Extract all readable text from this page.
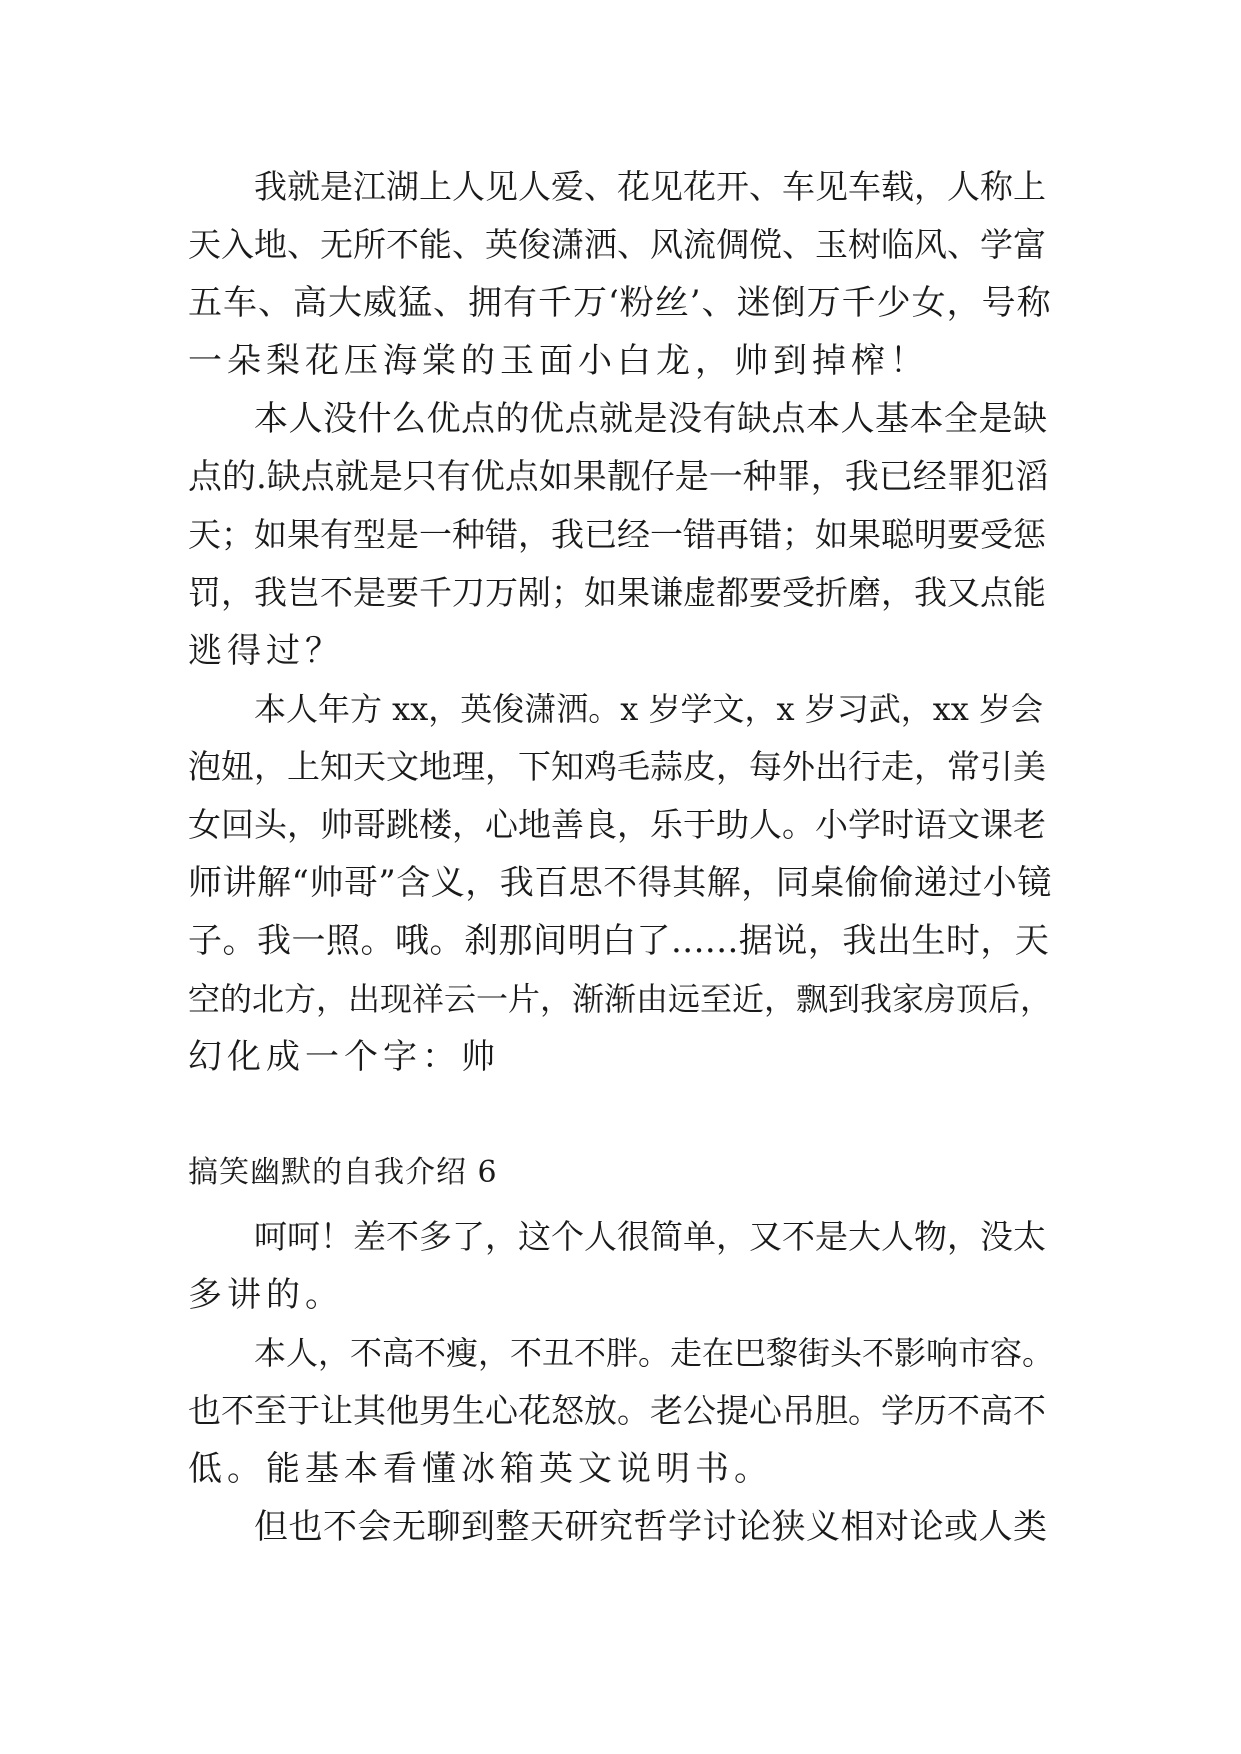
我就是江湖上人见人爱、花见花开、车见车载，人称上
天入地、无所不能、英俊潇洒、风流倜傥、玉树临风、学富
五车、高大威猛、拥有千万‘粉丝’、迷倒万千少女，号称
一朵梨花压海棠的玉面小白龙，帅到掉榨！
本人没什么优点的优点就是没有缺点本人基本全是缺
点的.缺点就是只有优点如果靓仔是一种罪，我已经罪犯滔
天；如果有型是一种错，我已经一错再错；如果聪明要受惩
罚，我岂不是要千刀万剐；如果谦虚都要受折磨，我又点能
逃得过？
本人年方 xx，英俊潇洒。x 岁学文，x 岁习武，xx 岁会
泡妞，上知天文地理，下知鸡毛蒜皮，每外出行走，常引美
女回头，帅哥跳楼，心地善良，乐于助人。小学时语文课老
师讲解“帅哥”含义，我百思不得其解，同桌偷偷递过小镜
子。我一照。哦。刹那间明白了......据说，我出生时，天
空的北方，出现祥云一片，渐渐由远至近，飘到我家房顶后，
幻化成一个字：帅
搞笑幽默的自我介绍 6
呵呵！差不多了，这个人很简单，又不是大人物，没太
多讲的。
本人，不高不瘦，不丑不胖。走在巴黎街头不影响市容。
也不至于让其他男生心花怒放。老公提心吊胆。学历不高不
低。能基本看懂冰箱英文说明书。
但也不会无聊到整天研究哲学讨论狭义相对论或人类
